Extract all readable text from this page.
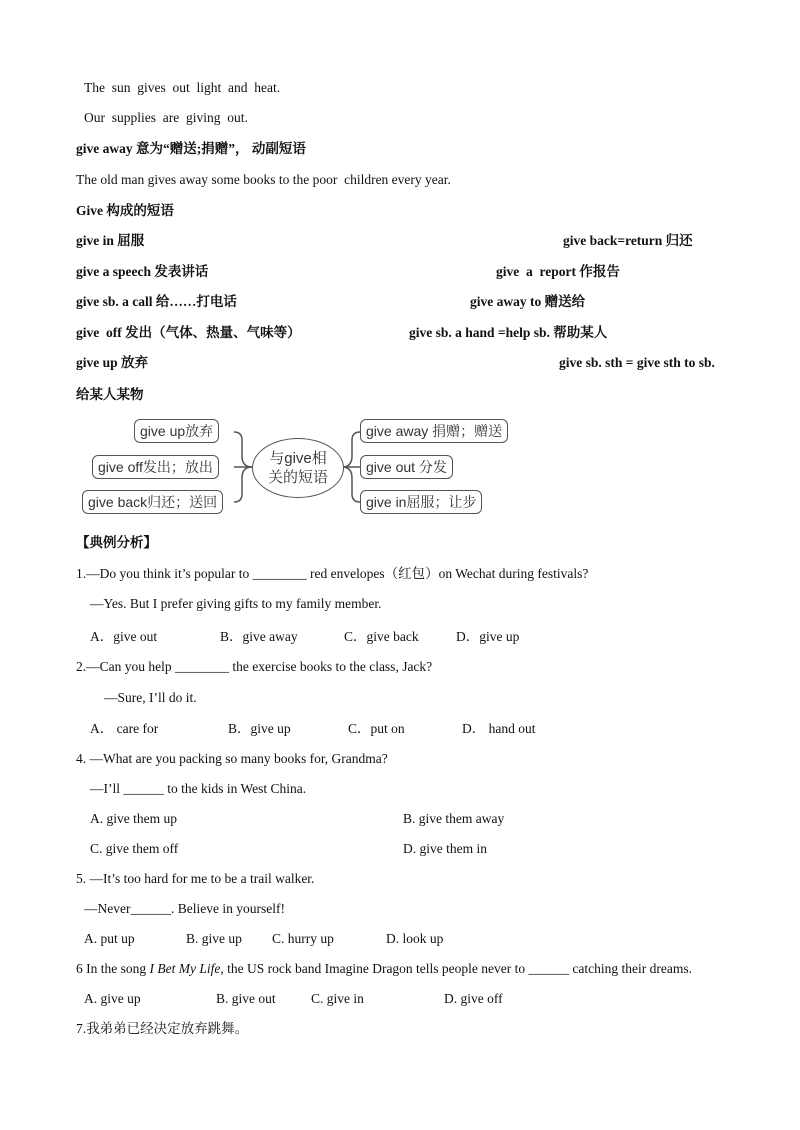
The  sun  gives  out  light  and  heat.
Our  supplies  are  giving  out.
give away 意为“赠送;捐赠”， 动副短语
The old man gives away some books to the poor  children every year.
Give 构成的短语
give in 屈服	give back=return 归还
give a speech 发表讲话	give  a  report 作报告
give sb. a call 给……打电话	give away to 赠送给
give  off 发出（气体、热量、气味等）	give sb. a hand =help sb. 帮助某人
give up 放弃	give sb. sth = give sth to sb.
给某人某物
give up放弃
give off发出；放出
give back归还；送回
与give相
关的短语
give away 捐赠；赠送
give out 分发
give in屈服；让步
【典例分析】
1.—Do you think it’s popular to ________ red envelopes（红包）on Wechat during festivals?
—Yes. But I prefer giving gifts to my family member.
A．give out	B．give away	C．give back	D．give up
2.—Can you help ________ the exercise books to the class, Jack?
—Sure, I’ll do it.
A． care for	B．give up	C．put on	D． hand out
4. —What are you packing so many books for, Grandma?
—I’ll ______ to the kids in West China.
A. give them up	B. give them away
C. give them off	D. give them in
5. —It’s too hard for me to be a trail walker.
—Never______. Believe in yourself!
A. put up	B. give up C. hurry up	D. look up
6 In the song I Bet My Life, the US rock band Imagine Dragon tells people never to ______ catching their dreams.
A. give up	B. give out	C. give in	D. give off
7.我弟弟已经决定放弃跳舞。
